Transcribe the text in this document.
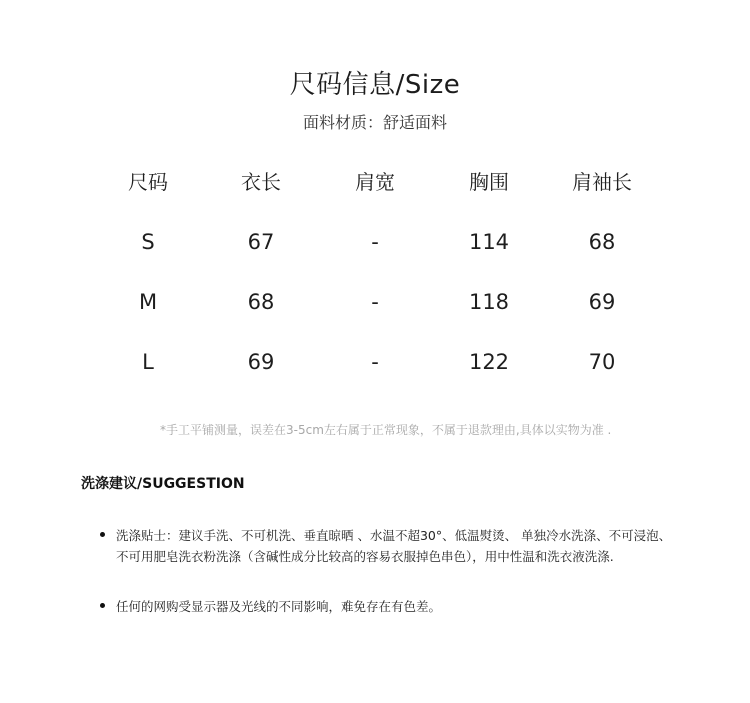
尺码信息/Size
面料材质：舒适面料
尺码	衣长	肩宽	胸围	肩袖长
S	67	-	114	68
M	68	-	118	69
L	69	-	122	70
*手工平铺测量，误差在3-5cm左右属于正常现象，不属于退款理由,具体以实物为准 .
洗涤建议/SUGGESTION
洗涤贴士：建议手洗、不可机洗、垂直晾晒 、水温不超30°、低温熨烫、 单独冷水洗涤、不可浸泡、
不可用肥皂洗衣粉洗涤（含碱性成分比较高的容易衣服掉色串色），用中性温和洗衣液洗涤.
任何的网购受显示器及光线的不同影响，难免存在有色差。
